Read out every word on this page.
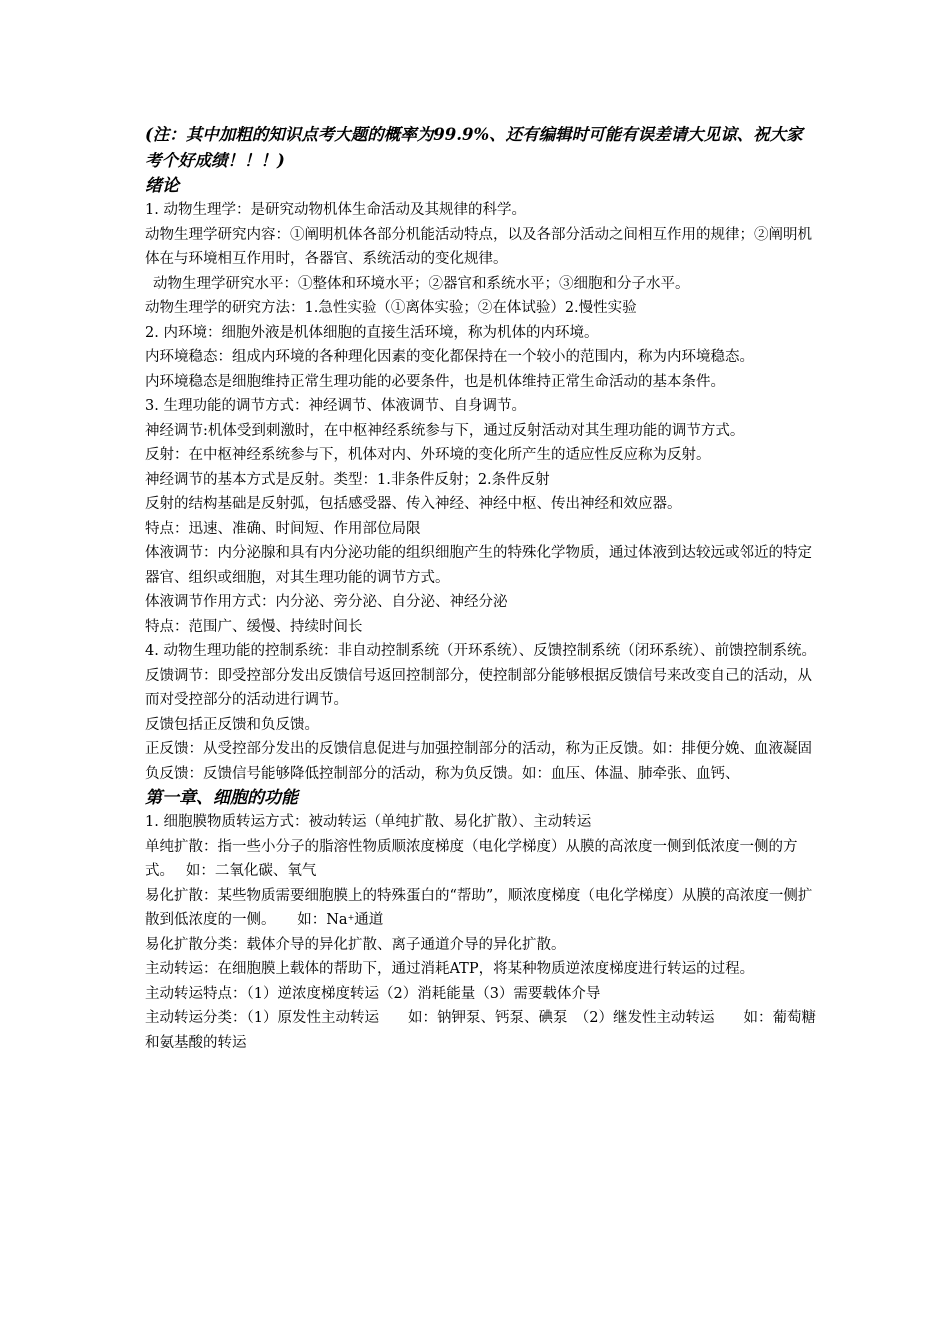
(注：其中加粗的知识点考大题的概率为99.9%、还有编辑时可能有误差请大见谅、祝大家考个好成绩！！！)

绪论

1. 动物生理学：是研究动物机体生命活动及其规律的科学。

动物生理学研究内容：①阐明机体各部分机能活动特点，以及各部分活动之间相互作用的规律；②阐明机体在与环境相互作用时，各器官、系统活动的变化规律。

动物生理学研究水平：①整体和环境水平；②器官和系统水平；③细胞和分子水平。

动物生理学的研究方法：1.急性实验（①离体实验；②在体试验）2.慢性实验

2. 内环境：细胞外液是机体细胞的直接生活环境，称为机体的内环境。

内环境稳态：组成内环境的各种理化因素的变化都保持在一个较小的范围内，称为内环境稳态。

内环境稳态是细胞维持正常生理功能的必要条件，也是机体维持正常生命活动的基本条件。

3. 生理功能的调节方式：神经调节、体液调节、自身调节。

神经调节:机体受到刺激时，在中枢神经系统参与下，通过反射活动对其生理功能的调节方式。

反射：在中枢神经系统参与下，机体对内、外环境的变化所产生的适应性反应称为反射。

神经调节的基本方式是反射。类型：1.非条件反射；2.条件反射

反射的结构基础是反射弧，包括感受器、传入神经、神经中枢、传出神经和效应器。

特点：迅速、准确、时间短、作用部位局限

体液调节：内分泌腺和具有内分泌功能的组织细胞产生的特殊化学物质，通过体液到达较远或邻近的特定器官、组织或细胞，对其生理功能的调节方式。

体液调节作用方式：内分泌、旁分泌、自分泌、神经分泌

特点：范围广、缓慢、持续时间长

4. 动物生理功能的控制系统：非自动控制系统（开环系统）、反馈控制系统（闭环系统）、前馈控制系统。

反馈调节：即受控部分发出反馈信号返回控制部分，使控制部分能够根据反馈信号来改变自己的活动，从而对受控部分的活动进行调节。

反馈包括正反馈和负反馈。

正反馈：从受控部分发出的反馈信息促进与加强控制部分的活动，称为正反馈。如：排便分娩、血液凝固

负反馈：反馈信号能够降低控制部分的活动，称为负反馈。如：血压、体温、肺牵张、血钙、

第一章、细胞的功能

1. 细胞膜物质转运方式：被动转运（单纯扩散、易化扩散）、主动转运

单纯扩散：指一些小分子的脂溶性物质顺浓度梯度（电化学梯度）从膜的高浓度一侧到低浓度一侧的方式。　 如：二氧化碳、氧气

易化扩散：某些物质需要细胞膜上的特殊蛋白的“帮助”，顺浓度梯度（电化学梯度）从膜的高浓度一侧扩散到低浓度的一侧。　　如：Na+通道

易化扩散分类：载体介导的异化扩散、离子通道介导的异化扩散。

主动转运：在细胞膜上载体的帮助下，通过消耗ATP，将某种物质逆浓度梯度进行转运的过程。

主动转运特点：（1）逆浓度梯度转运（2）消耗能量（3）需要载体介导

主动转运分类：（1）原发性主动转运　　如：钠钾泵、钙泵、碘泵　（2）继发性主动转运　　如：葡萄糖和氨基酸的转运
